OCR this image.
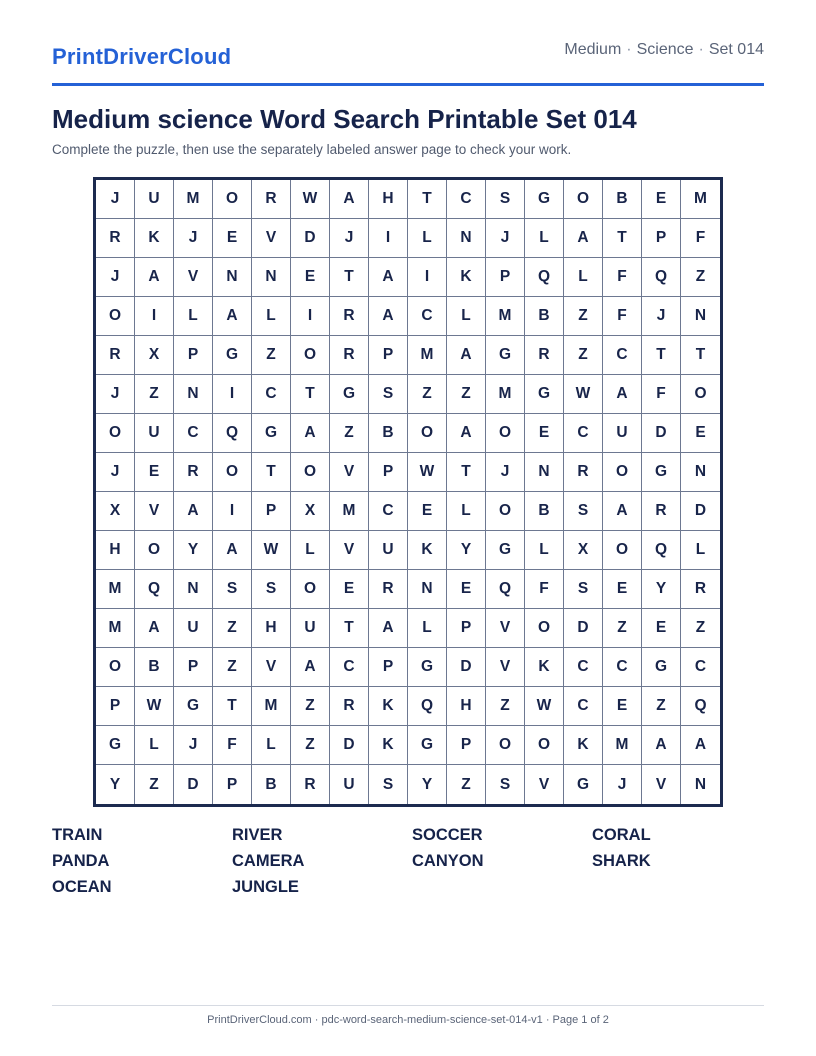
PrintDriverCloud	Medium · Science · Set 014
Medium science Word Search Printable Set 014

Complete the puzzle, then use the separately labeled answer page to check your work.

J	U	M	O	R	W	A	H	T	C	S	G	O	B	E	M
R	K	J	E	V	D	J	I	L	N	J	L	A	T	P	F
J	A	V	N	N	E	T	A	I	K	P	Q	L	F	Q	Z
O	I	L	A	L	I	R	A	C	L	M	B	Z	F	J	N
R	X	P	G	Z	O	R	P	M	A	G	R	Z	C	T	T
J	Z	N	I	C	T	G	S	Z	Z	M	G	W	A	F	O
O	U	C	Q	G	A	Z	B	O	A	O	E	C	U	D	E
J	E	R	O	T	O	V	P	W	T	J	N	R	O	G	N
X	V	A	I	P	X	M	C	E	L	O	B	S	A	R	D
H	O	Y	A	W	L	V	U	K	Y	G	L	X	O	Q	L
M	Q	N	S	S	O	E	R	N	E	Q	F	S	E	Y	R
M	A	U	Z	H	U	T	A	L	P	V	O	D	Z	E	Z
O	B	P	Z	V	A	C	P	G	D	V	K	C	C	G	C
P	W	G	T	M	Z	R	K	Q	H	Z	W	C	E	Z	Q
G	L	J	F	L	Z	D	K	G	P	O	O	K	M	A	A
Y	Z	D	P	B	R	U	S	Y	Z	S	V	G	J	V	N
TRAIN	RIVER	SOCCER	CORAL
PANDA	CAMERA	CANYON	SHARK
OCEAN	JUNGLE
PrintDriverCloud.com · pdc-word-search-medium-science-set-014-v1 · Page 1 of 2
